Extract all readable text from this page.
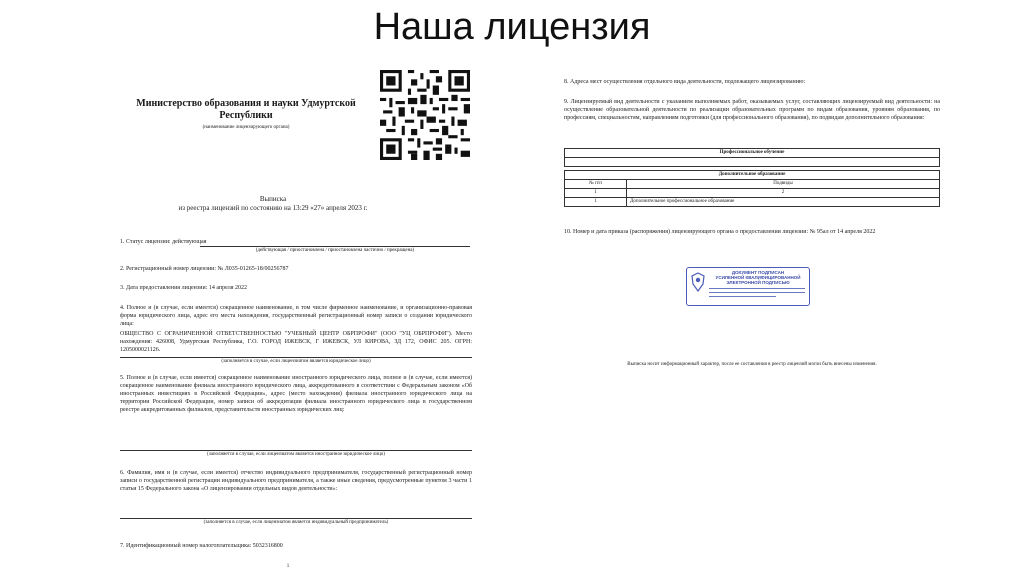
Наша лицензия
Министерство образования и науки Удмуртской
Республики
(наименование лицензирующего органа)
Выписка
из реестра лицензий по состоянию на 13:29 «27» апреля 2023 г.
1. Статус лицензии: действующая
(действующая / приостановлена / приостановлена частично / прекращена)
2. Регистрационный номер лицензии: № Л035-01265-18/00256787
3. Дата предоставления лицензии: 14 апреля 2022
4. Полное и (в случае, если имеется) сокращенное наименование, в том числе фирменное наименование, и организационно-правовая форма юридического лица, адрес его места нахождения, государственный регистрационный номер записи о создании юридического лица:
ОБЩЕСТВО С ОГРАНИЧЕННОЙ ОТВЕТСТВЕННОСТЬЮ "УЧЕБНЫЙ ЦЕНТР ОБРПРОФИ" (ООО "УЦ ОБРПРОФИ"). Место нахождения: 426008, Удмуртская Республика, Г.О. ГОРОД ИЖЕВСК, Г ИЖЕВСК, УЛ КИРОВА, ЗД 172, ОФИС 205. ОГРН: 1205000021126.
(заполняется в случае, если лицензиатом является юридическое лицо)
5. Полное и (в случае, если имеется) сокращенное наименование иностранного юридического лица, полное и (в случае, если имеется) сокращенное наименование филиала иностранного юридического лица, аккредитованного в соответствии с Федеральным законом «Об иностранных инвестициях в Российской Федерации», адрес (место нахождения) филиала иностранного юридического лица на территории Российской Федерации, номер записи об аккредитации филиала иностранного юридического лица в государственном реестре аккредитованных филиалов, представительств иностранных юридических лиц:
(заполняется в случае, если лицензиатом является иностранное юридическое лицо)
6. Фамилия, имя и (в случае, если имеется) отчество индивидуального предпринимателя, государственный регистрационный номер записи о государственной регистрации индивидуального предпринимателя, а также иные сведения, предусмотренные пунктом 3 части 1 статьи 15 Федерального закона «О лицензировании отдельных видов деятельности»:
(заполняется в случае, если лицензиатом является индивидуальный предприниматель)
7. Идентификационный номер налогоплательщика: 5032316800
1
8. Адреса мест осуществления отдельного вида деятельности, подлежащего лицензированию:
9. Лицензируемый вид деятельности с указанием выполняемых работ, оказываемых услуг, составляющих лицензируемый вид деятельности: на осуществление образовательной деятельности по реализации образовательных программ по видам образования, уровням образования, по профессиям, специальностям, направлениям подготовки (для профессионального образования), по подвидам дополнительного образования:
Профессиональное обучение

Дополнительное образование	
№ п/п	Подвиды
1	2
1	Дополнительное профессиональное образование
10. Номер и дата приказа (распоряжения) лицензирующего органа о предоставлении лицензии: № 95ал от 14 апреля 2022
ДОКУМЕНТ ПОДПИСАН
УСИЛЕННОЙ КВАЛИФИЦИРОВАННОЙ
ЭЛЕКТРОННОЙ ПОДПИСЬЮ
Выписка носит информационный характер, после ее составления в реестр лицензий могли быть внесены изменения.
